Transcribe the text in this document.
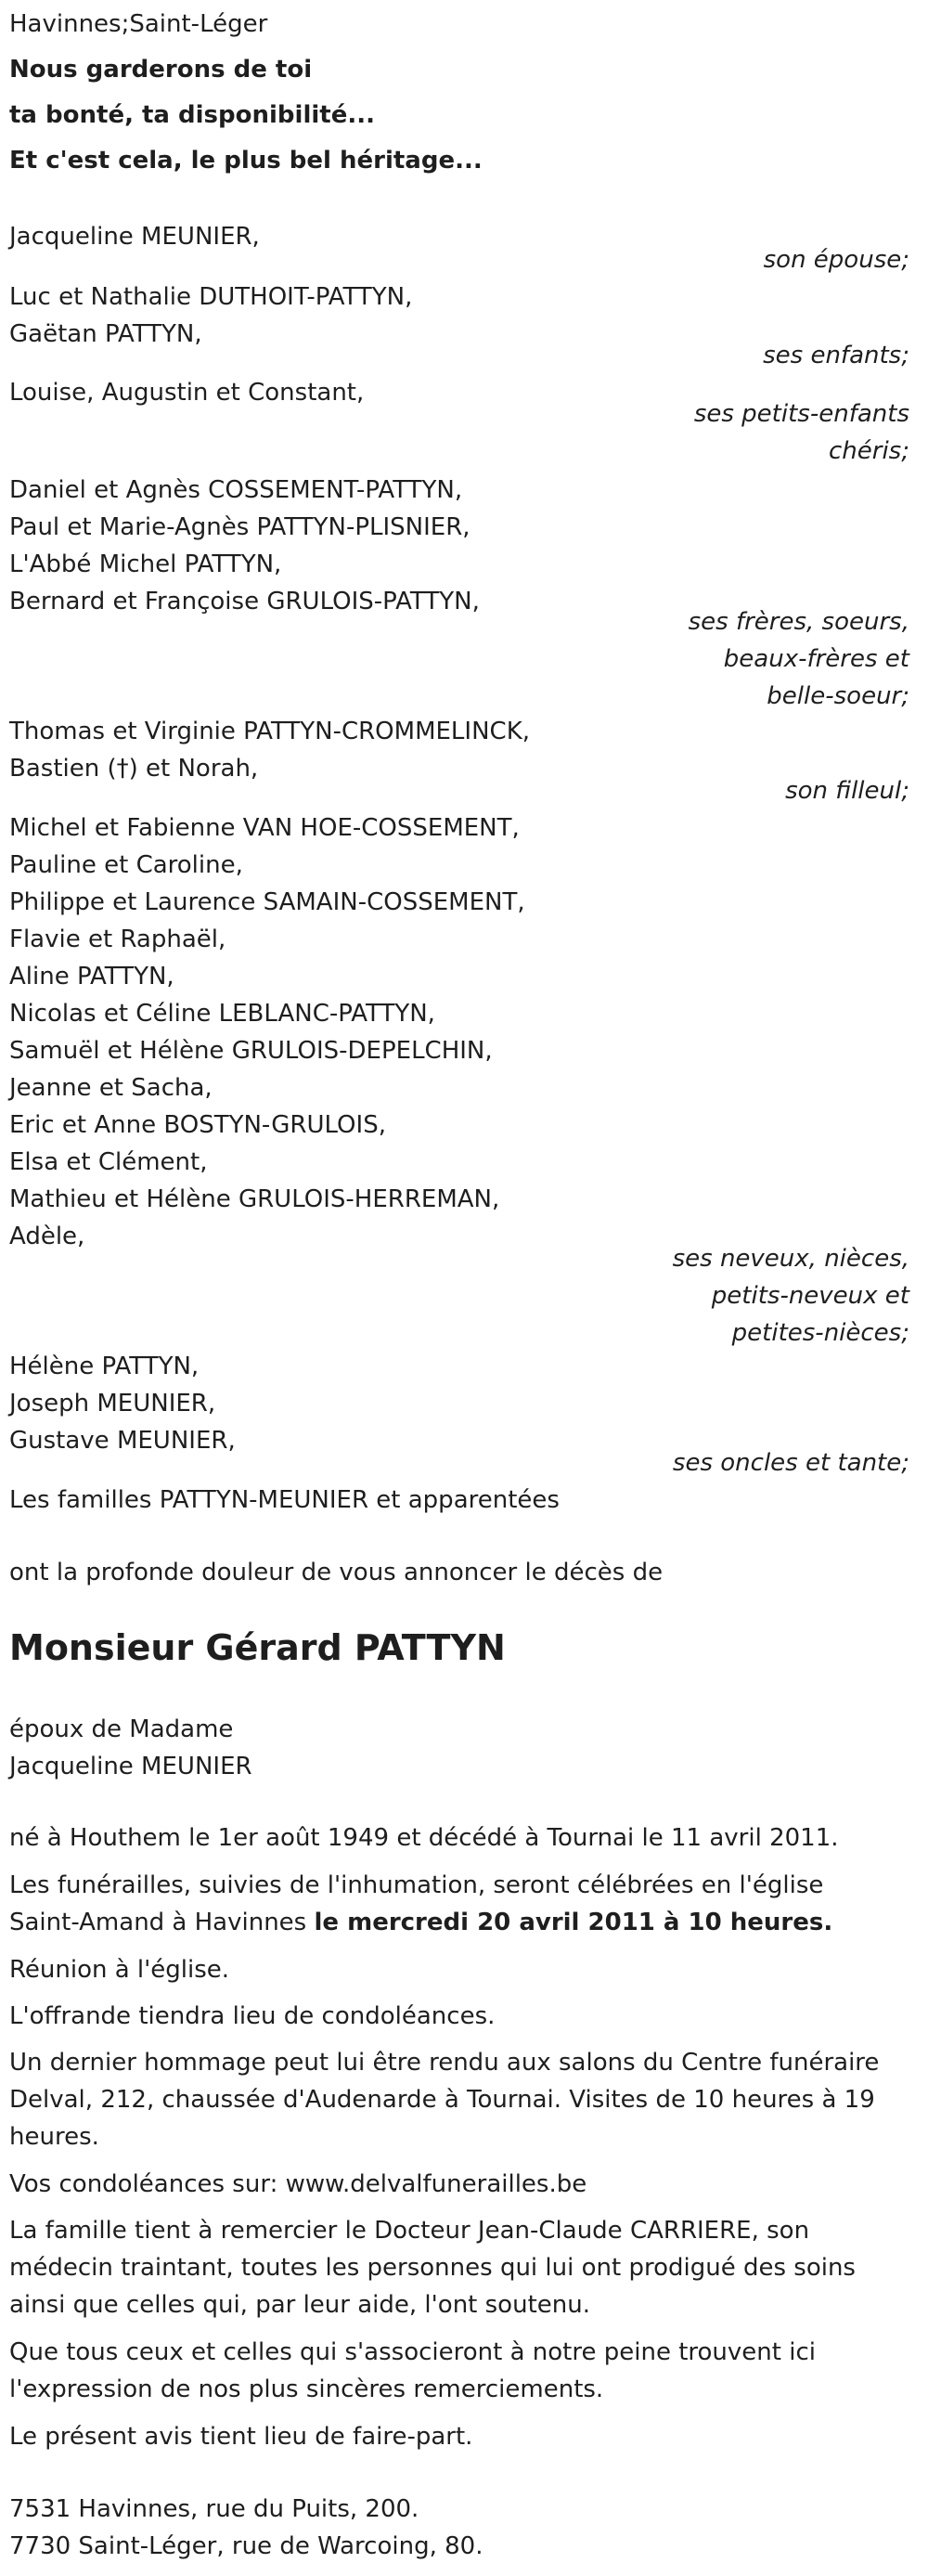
Havinnes;Saint-Léger
Nous garderons de toi
ta bonté, ta disponibilité...
Et c'est cela, le plus bel héritage...
Jacqueline MEUNIER,
son épouse;
Luc et Nathalie DUTHOIT-PATTYN,
Gaëtan PATTYN,
ses enfants;
Louise, Augustin et Constant,
ses petits-enfants
chéris;
Daniel et Agnès COSSEMENT-PATTYN,
Paul et Marie-Agnès PATTYN-PLISNIER,
L'Abbé Michel PATTYN,
Bernard et Françoise GRULOIS-PATTYN,
ses frères, soeurs,
beaux-frères et
belle-soeur;
Thomas et Virginie PATTYN-CROMMELINCK,
Bastien (†) et Norah,
son filleul;
Michel et Fabienne VAN HOE-COSSEMENT,
Pauline et Caroline,
Philippe et Laurence SAMAIN-COSSEMENT,
Flavie et Raphaël,
Aline PATTYN,
Nicolas et Céline LEBLANC-PATTYN,
Samuël et Hélène GRULOIS-DEPELCHIN,
Jeanne et Sacha,
Eric et Anne BOSTYN-GRULOIS,
Elsa et Clément,
Mathieu et Hélène GRULOIS-HERREMAN,
Adèle,
ses neveux, nièces,
petits-neveux et
petites-nièces;
Hélène PATTYN,
Joseph MEUNIER,
Gustave MEUNIER,
ses oncles et tante;
Les familles PATTYN-MEUNIER et apparentées
ont la profonde douleur de vous annoncer le décès de
Monsieur Gérard PATTYN
époux de Madame
Jacqueline MEUNIER
né à Houthem le 1er août 1949 et décédé à Tournai le 11 avril 2011.
Les funérailles, suivies de l'inhumation, seront célébrées en l'église
Saint-Amand à Havinnes le mercredi 20 avril 2011 à 10 heures.
Réunion à l'église.
L'offrande tiendra lieu de condoléances.
Un dernier hommage peut lui être rendu aux salons du Centre funéraire
Delval, 212, chaussée d'Audenarde à Tournai. Visites de 10 heures à 19
heures.
Vos condoléances sur: www.delvalfunerailles.be
La famille tient à remercier le Docteur Jean-Claude CARRIERE, son
médecin traintant, toutes les personnes qui lui ont prodigué des soins
ainsi que celles qui, par leur aide, l'ont soutenu.
Que tous ceux et celles qui s'associeront à notre peine trouvent ici
l'expression de nos plus sincères remerciements.
Le présent avis tient lieu de faire-part.
7531 Havinnes, rue du Puits, 200.
7730 Saint-Léger, rue de Warcoing, 80.
